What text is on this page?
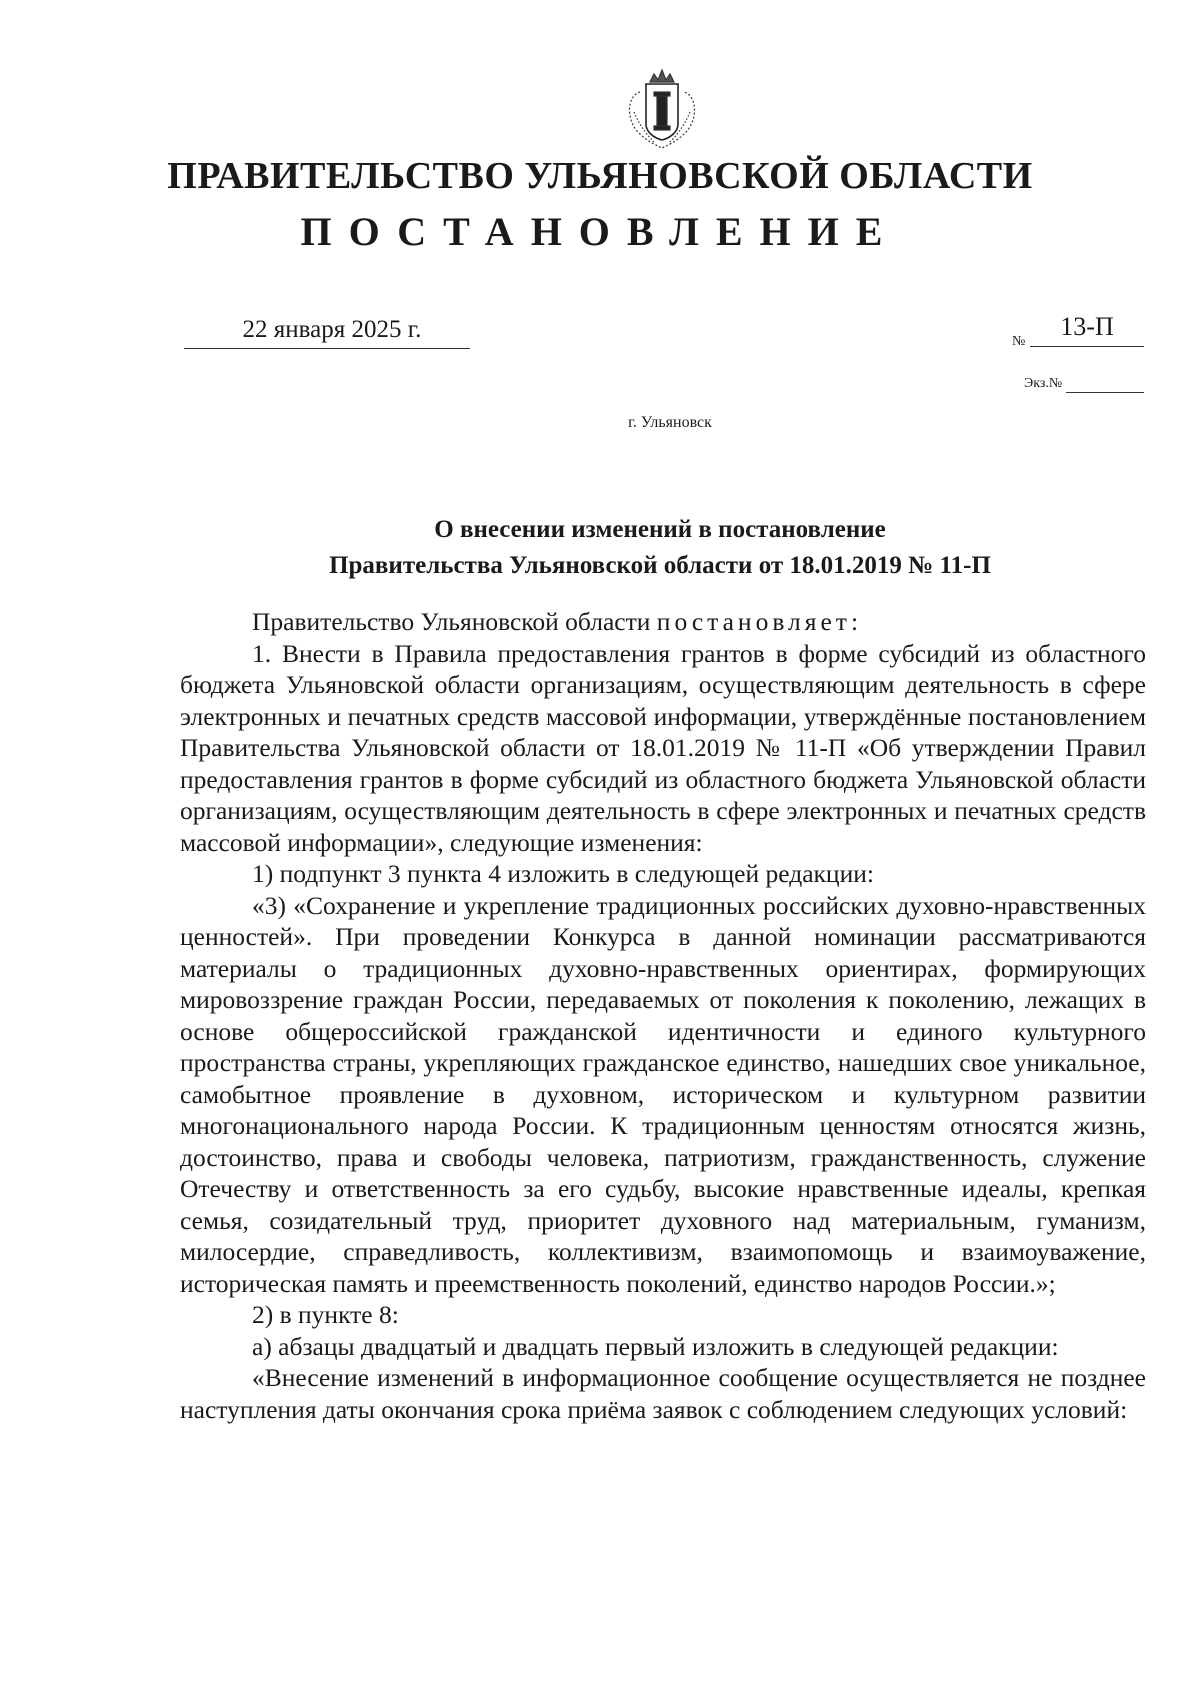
ПРАВИТЕЛЬСТВО УЛЬЯНОВСКОЙ ОБЛАСТИ
ПОСТАНОВЛЕНИЕ
22 января 2025 г.	№
13-П
Экз.№
г. Ульяновск
О внесении изменений в постановление
Правительства Ульяновской области от 18.01.2019 № 11-П

Правительство Ульяновской области постановляет:

1. Внести в Правила предоставления грантов в форме субсидий из областного бюджета Ульяновской области организациям, осуществляющим деятельность в сфере электронных и печатных средств массовой информации, утверждённые постановлением Правительства Ульяновской области от 18.01.2019 № 11-П «Об утверждении Правил предоставления грантов в форме субсидий из областного бюджета Ульяновской области организациям, осуществляющим деятельность в сфере электронных и печатных средств массовой информации», следующие изменения:

1) подпункт 3 пункта 4 изложить в следующей редакции:

«3) «Сохранение и укрепление традиционных российских духовно-нравственных ценностей». При проведении Конкурса в данной номинации рассматриваются материалы о традиционных духовно-нравственных ориентирах, формирующих мировоззрение граждан России, передаваемых от поколения к поколению, лежащих в основе общероссийской гражданской идентичности и единого культурного пространства страны, укрепляющих гражданское единство, нашедших свое уникальное, самобытное проявление в духовном, историческом и культурном развитии многонационального народа России. К традиционным ценностям относятся жизнь, достоинство, права и свободы человека, патриотизм, гражданственность, служение Отечеству и ответственность за его судьбу, высокие нравственные идеалы, крепкая семья, созидательный труд, приоритет духовного над материальным, гуманизм, милосердие, справедливость, коллективизм, взаимопомощь и взаимоуважение, историческая память и преемственность поколений, единство народов России.»;

2) в пункте 8:

а) абзацы двадцатый и двадцать первый изложить в следующей редакции:

«Внесение изменений в информационное сообщение осуществляется не позднее наступления даты окончания срока приёма заявок с соблюдением следующих условий:
